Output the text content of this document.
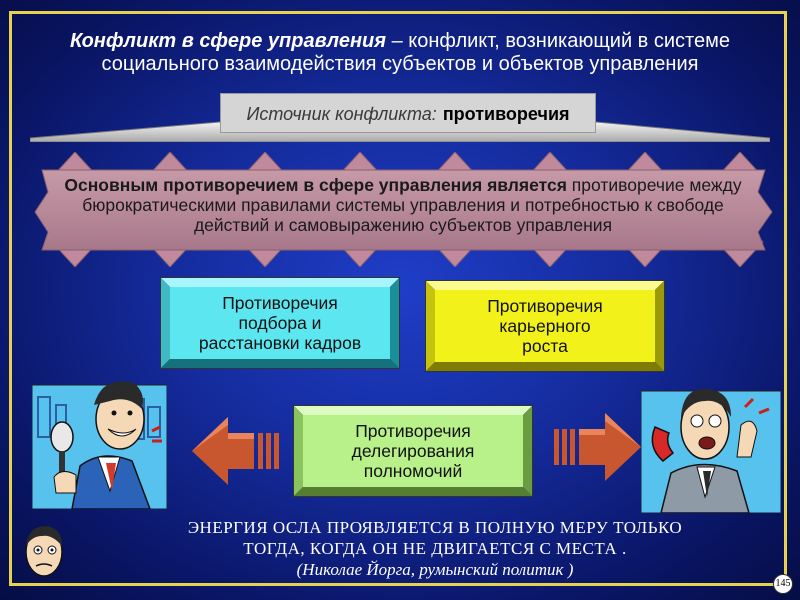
Конфликт в сфере управления – конфликт, возникающий в системе социального взаимодействия субъектов и объектов управления
Источник конфликта: противоречия
Основным противоречием в сфере управления является противоречие между бюрократическими правилами системы управления и потребностью к свободе действий и самовыражению субъектов управления
Противоречия
подбора и
расстановки кадров
Противоречия
карьерного
роста
Противоречия
делегирования
полномочий
ЭНЕРГИЯ ОСЛА ПРОЯВЛЯЕТСЯ В ПОЛНУЮ МЕРУ ТОЛЬКО
ТОГДА, КОГДА ОН НЕ ДВИГАЕТСЯ С МЕСТА .
(Николае Йорга, румынский политик )
145
